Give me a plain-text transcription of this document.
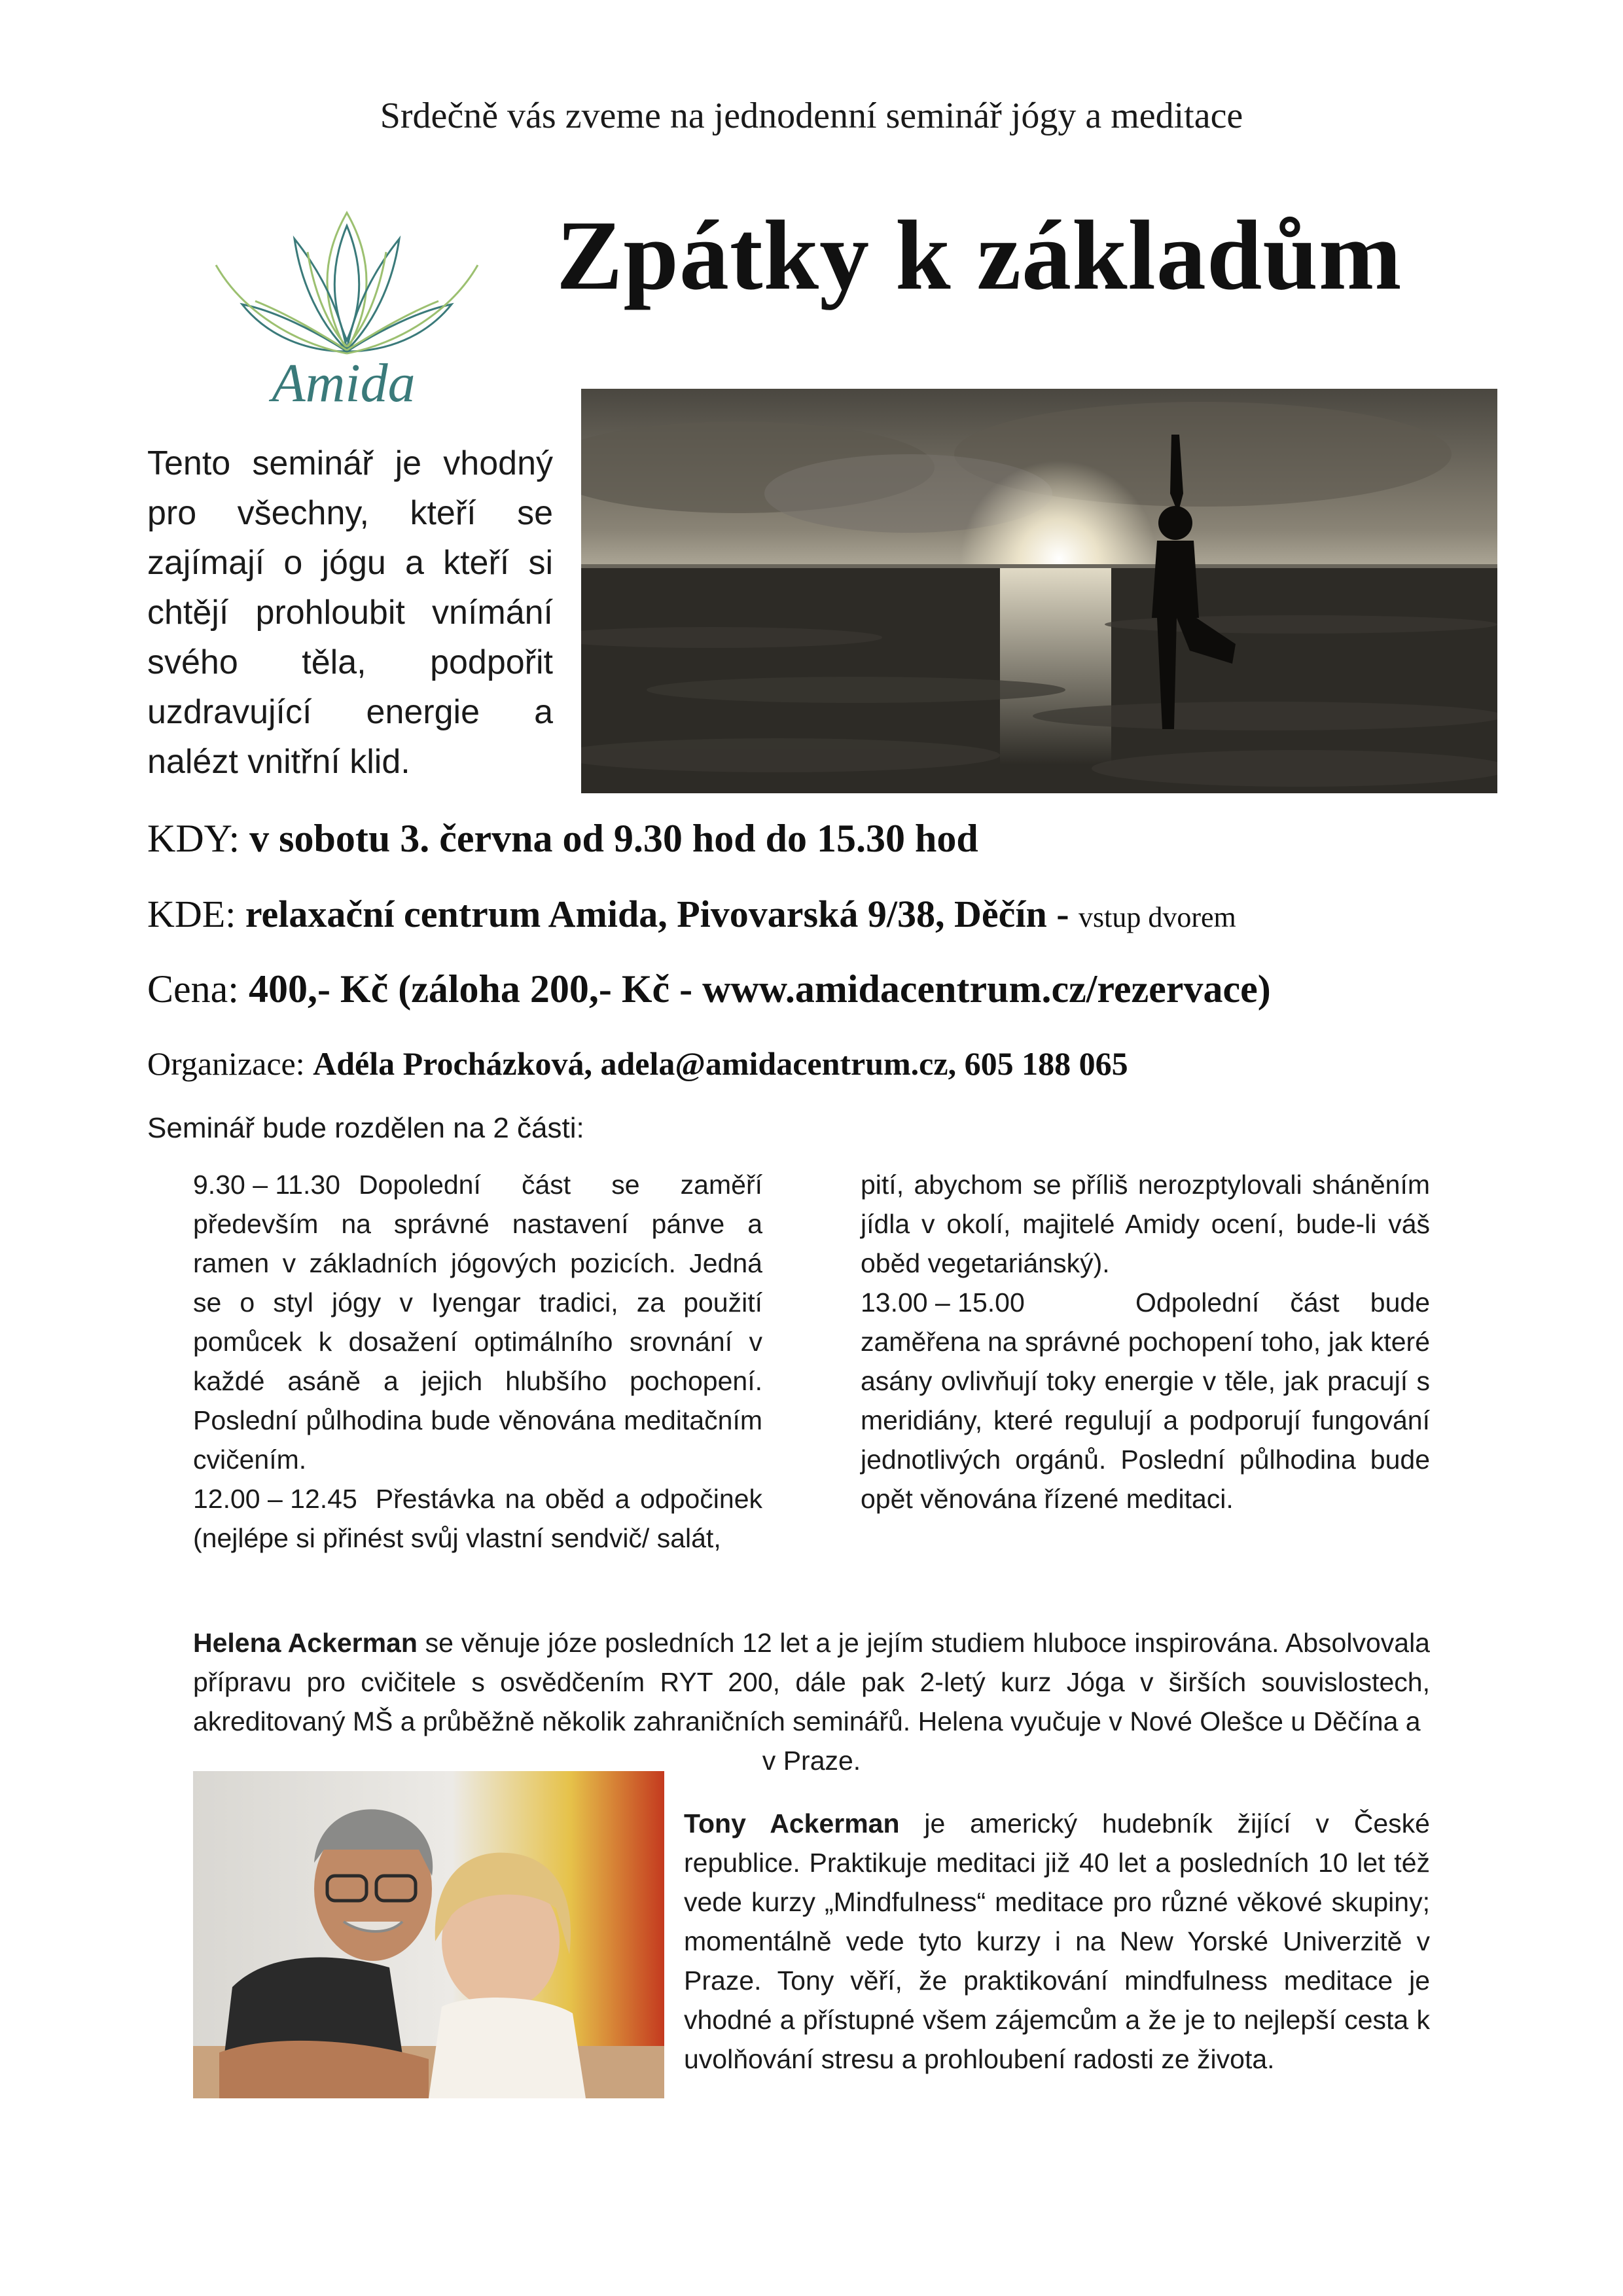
Srdečně vás zveme na jednodenní seminář jógy a meditace
Zpátky k základům
Amida
Tento seminář je vhodný pro všechny, kteří se zajímají o jógu a kteří si chtějí prohloubit vnímání svého těla, podpořit uzdravující energie a nalézt vnitřní klid.
KDY: v sobotu 3. června od 9.30 hod do 15.30 hod
KDE: relaxační centrum Amida, Pivovarská 9/38, Děčín - vstup dvorem
Cena: 400,- Kč (záloha 200,- Kč - www.amidacentrum.cz/rezervace)
Organizace: Adéla Procházková, adela@amidacentrum.cz, 605 188 065
Seminář bude rozdělen na 2 části:

9.30 – 11.30 Dopolední část se zaměří především na správné nastavení pánve a ramen v základních jógových pozicích. Jedná se o styl jógy v Iyengar tradici, za použití pomůcek k dosažení optimálního srovnání v každé asáně a jejich hlubšího pochopení. Poslední půlhodina bude věnována meditačním cvičením.

12.00 – 12.45 Přestávka na oběd a odpočinek (nejlépe si přinést svůj vlastní sendvič/ salát,

pití, abychom se příliš nerozptylovali sháněním jídla v okolí, majitelé Amidy ocení, bude-li váš oběd vegetariánský).

13.00 – 15.00	Odpolední část bude zaměřena na správné pochopení toho, jak které asány ovlivňují toky energie v těle, jak pracují s meridiány, které regulují a podporují fungování jednotlivých orgánů. Poslední půlhodina bude opět věnována řízené meditaci.

Helena Ackerman se věnuje józe posledních 12 let a je jejím studiem hluboce inspirována. Absolvovala přípravu pro cvičitele s osvědčením RYT 200, dále pak 2-letý kurz Jóga v širších souvislostech, akreditovaný MŠ a průběžně několik zahraničních seminářů. Helena vyučuje v Nové Olešce u Děčína a
v Praze.
Tony Ackerman je americký hudebník žijící v České republice. Praktikuje meditaci již 40 let a posledních 10 let též vede kurzy „Mindfulness“ meditace pro různé věkové skupiny; momentálně vede tyto kurzy i na New Yorské Univerzitě v Praze. Tony věří, že praktikování mindfulness meditace je vhodné a přístupné všem zájemcům a že je to nejlepší cesta k uvolňování stresu a prohloubení radosti ze života.
